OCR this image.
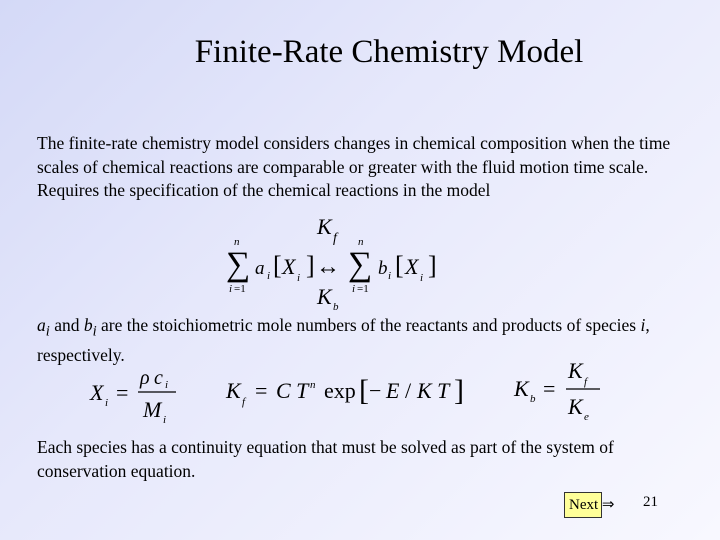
Finite-Rate Chemistry Model

The finite-rate chemistry model considers changes in chemical composition when the time scales of chemical reactions are comparable or greater with the fluid motion time scale. Requires the specification of the chemical reactions in the model

K f
n
∑
i =1
a i [ X i ] ↔
n
∑
i =1
b i [ X i ]
K b

$a_i$ and $b_i$ are the stoichiometric mole numbers of the reactants and products of species i, respectively.

X i =
ρ c i
M i
K f = C T n exp [ − E / K T ] K b =
K f
K e

Each species has a continuity equation that must be solved as part of the system of conservation equation.

Next ⇒ 21
